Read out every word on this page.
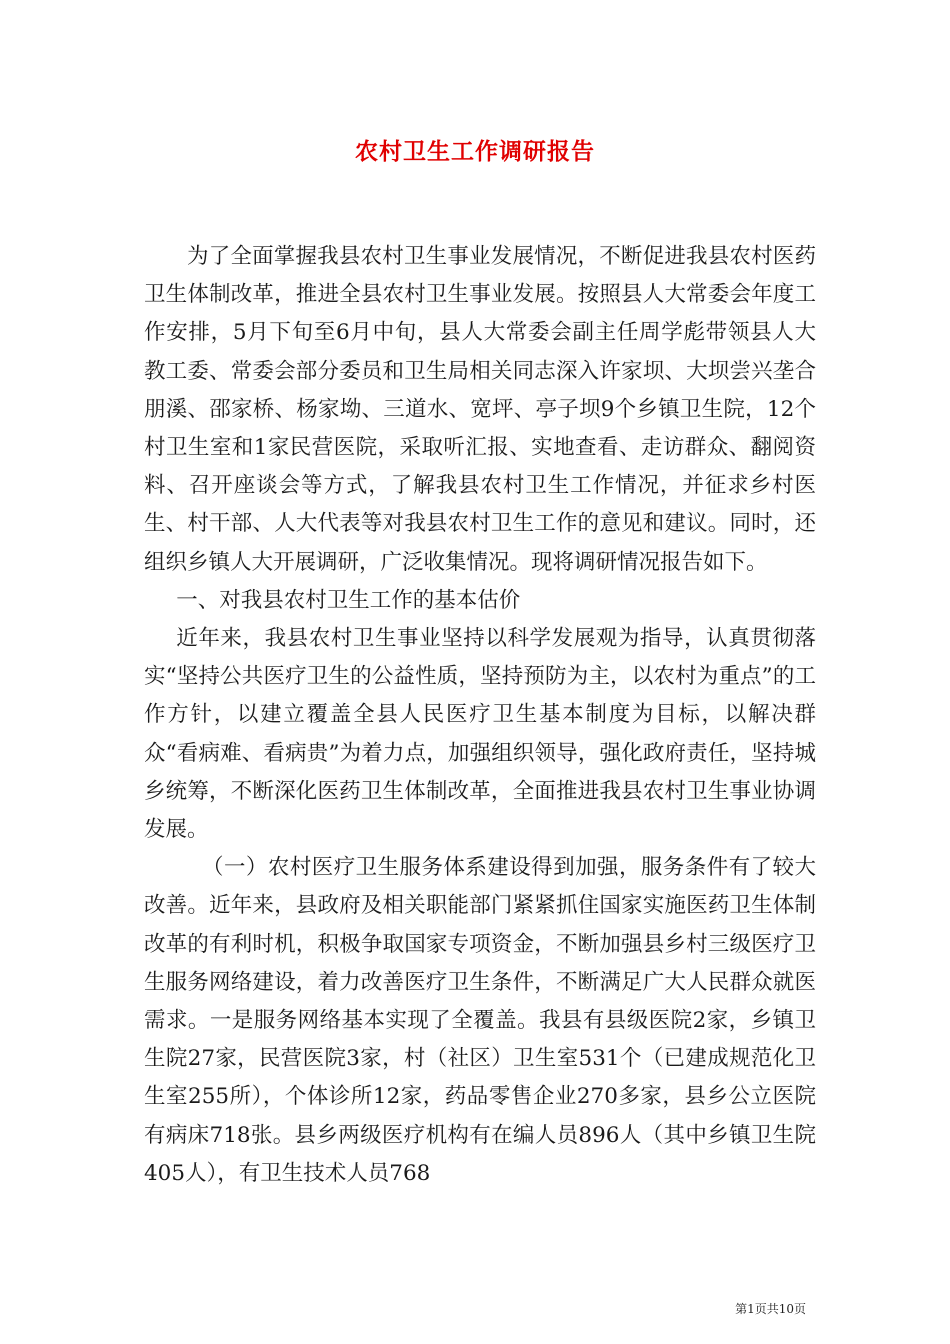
农村卫生工作调研报告

为了全面掌握我县农村卫生事业发展情况，不断促进我县农村医药卫生体制改革，推进全县农村卫生事业发展。按照县人大常委会年度工作安排，5月下旬至6月中旬，县人大常委会副主任周学彪带领县人大教工委、常委会部分委员和卫生局相关同志深入许家坝、大坝尝兴垄合朋溪、邵家桥、杨家坳、三道水、宽坪、亭子坝9个乡镇卫生院，12个村卫生室和1家民营医院，采取听汇报、实地查看、走访群众、翻阅资料、召开座谈会等方式，了解我县农村卫生工作情况，并征求乡村医生、村干部、人大代表等对我县农村卫生工作的意见和建议。同时，还组织乡镇人大开展调研，广泛收集情况。现将调研情况报告如下。

一、对我县农村卫生工作的基本估价

近年来，我县农村卫生事业坚持以科学发展观为指导，认真贯彻落实“坚持公共医疗卫生的公益性质，坚持预防为主，以农村为重点”的工作方针，以建立覆盖全县人民医疗卫生基本制度为目标，以解决群众“看病难、看病贵”为着力点，加强组织领导，强化政府责任，坚持城乡统筹，不断深化医药卫生体制改革，全面推进我县农村卫生事业协调发展。

（一）农村医疗卫生服务体系建设得到加强，服务条件有了较大改善。近年来，县政府及相关职能部门紧紧抓住国家实施医药卫生体制改革的有利时机，积极争取国家专项资金，不断加强县乡村三级医疗卫生服务网络建设，着力改善医疗卫生条件，不断满足广大人民群众就医需求。一是服务网络基本实现了全覆盖。我县有县级医院2家，乡镇卫生院27家，民营医院3家，村（社区）卫生室531个（已建成规范化卫生室255所），个体诊所12家，药品零售企业270多家，县乡公立医院有病床718张。县乡两级医疗机构有在编人员896人（其中乡镇卫生院405人），有卫生技术人员768

第1页共10页
